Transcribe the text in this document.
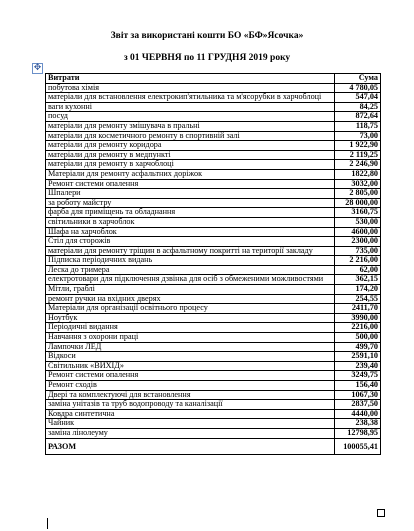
Звіт за використані кошти БО «БФ»Ясочка»
з 01 ЧЕРВНЯ по 11 ГРУДНЯ 2019 року
✥
Витрати	Сума
побутова хімія	4 780,05
матеріали для встановлення електрокип'ятильника та м'ясорубки в харчоблоці	547,04
ваги кухонні	84,25
посуд	872,64
матеріали для ремонту змішувача в пральні	118,75
матеріали для косметичного ремонту в спортивній залі	73,00
матеріали для ремонту коридора	1 922,90
матеріали для ремонту в медпункті	2 119,25
матеріали для ремонту в харчоблоці	2 246,90
Матеріали для ремонту асфальтних доріжок	1822,80
Ремонт системи опалення	3032,00
Шпалери	2 805,00
за роботу майстру	28 000,00
фарба для приміщень та обладнання	3160,75
світильники в харчоблок	530,00
Шафа на харчоблок	4600,00
Стіл для сторожів	2300,00
матеріали для ремонту тріщин в асфальтному покритті на території закладу	735,00
Підписка періодичних видань	2 216,00
Леска до тримера	62,00
електротовари для підключення дзвінка для осіб з обмеженими можливостями	362,15
Мітли, граблі	174,20
ремонт ручки на вхідних дверях	254,55
Матеріали для організації освітнього процесу	2411,70
Ноутбук	3990,00
Періодичні видання	2216,00
Навчання з охорони праці	500,00
Лампочки ЛЕД	499,70
Відкоси	2591,10
Світильник «ВИХІД»	239,40
Ремонт системи опалення	3249,75
Ремонт сходів	156,40
Двері та комплектуючі для встановлення	1067,30
заміна унітазів та труб водопроводу та каналізації	2837,50
Ковдра синтетична	4440,00
Чайник	238,38
заміна лінолеуму	12798,95
РАЗОМ	100055,41
